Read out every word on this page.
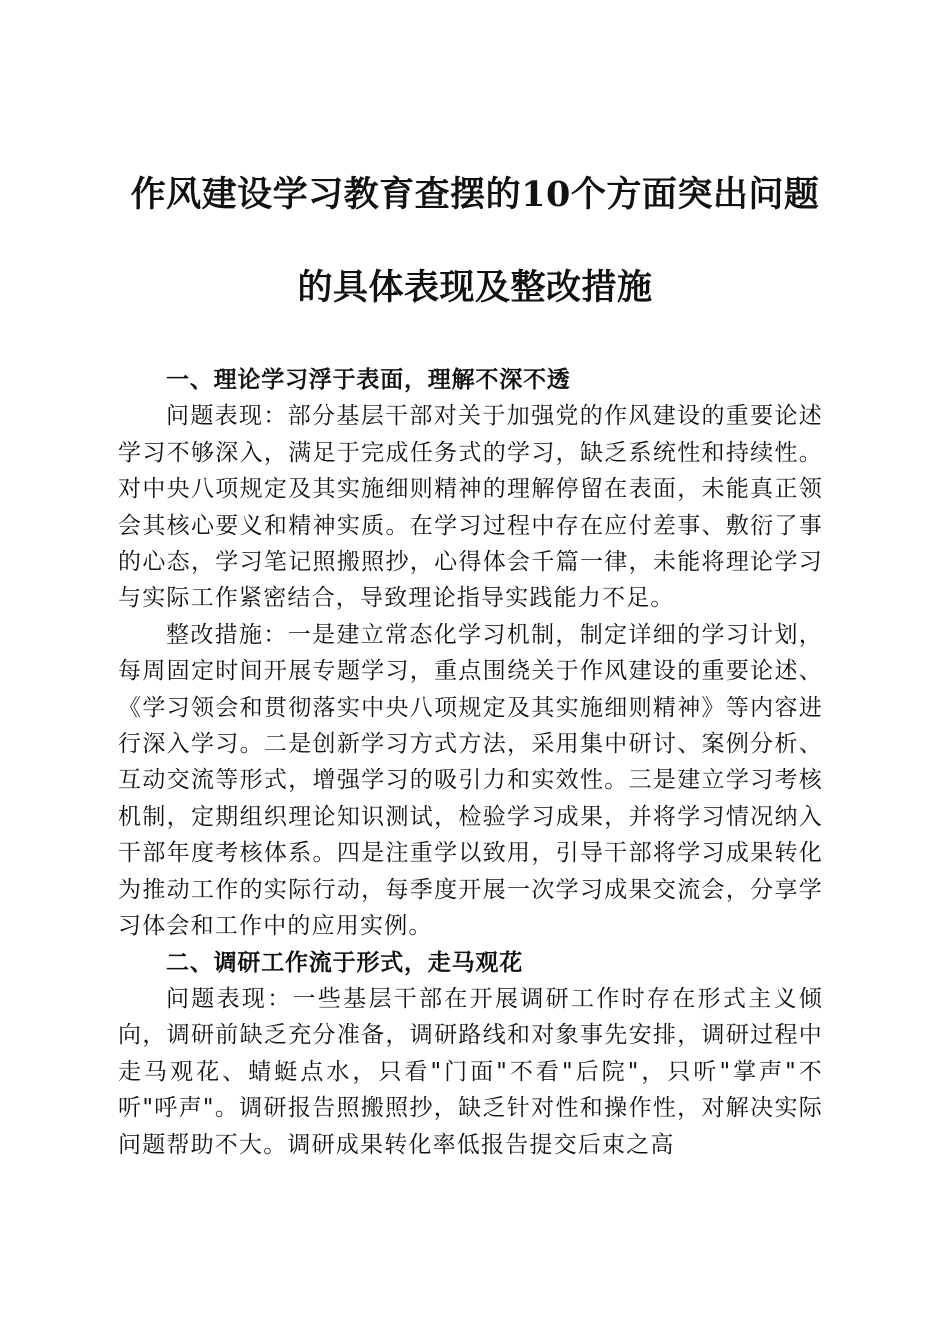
作风建设学习教育查摆的10个方面突出问题
的具体表现及整改措施

一、理论学习浮于表面，理解不深不透

问题表现：部分基层干部对关于加强党的作风建设的重要论述学习不够深入，满足于完成任务式的学习，缺乏系统性和持续性。对中央八项规定及其实施细则精神的理解停留在表面，未能真正领会其核心要义和精神实质。在学习过程中存在应付差事、敷衍了事的心态，学习笔记照搬照抄，心得体会千篇一律，未能将理论学习与实际工作紧密结合，导致理论指导实践能力不足。

整改措施：一是建立常态化学习机制，制定详细的学习计划，每周固定时间开展专题学习，重点围绕关于作风建设的重要论述、《学习领会和贯彻落实中央八项规定及其实施细则精神》等内容进行深入学习。二是创新学习方式方法，采用集中研讨、案例分析、互动交流等形式，增强学习的吸引力和实效性。三是建立学习考核机制，定期组织理论知识测试，检验学习成果，并将学习情况纳入干部年度考核体系。四是注重学以致用，引导干部将学习成果转化为推动工作的实际行动，每季度开展一次学习成果交流会，分享学习体会和工作中的应用实例。

二、调研工作流于形式，走马观花

问题表现：一些基层干部在开展调研工作时存在形式主义倾向，调研前缺乏充分准备，调研路线和对象事先安排，调研过程中走马观花、蜻蜓点水，只看"门面"不看"后院"，只听"掌声"不听"呼声"。调研报告照搬照抄，缺乏针对性和操作性，对解决实际问题帮助不大。调研成果转化率低报告提交后束之高
